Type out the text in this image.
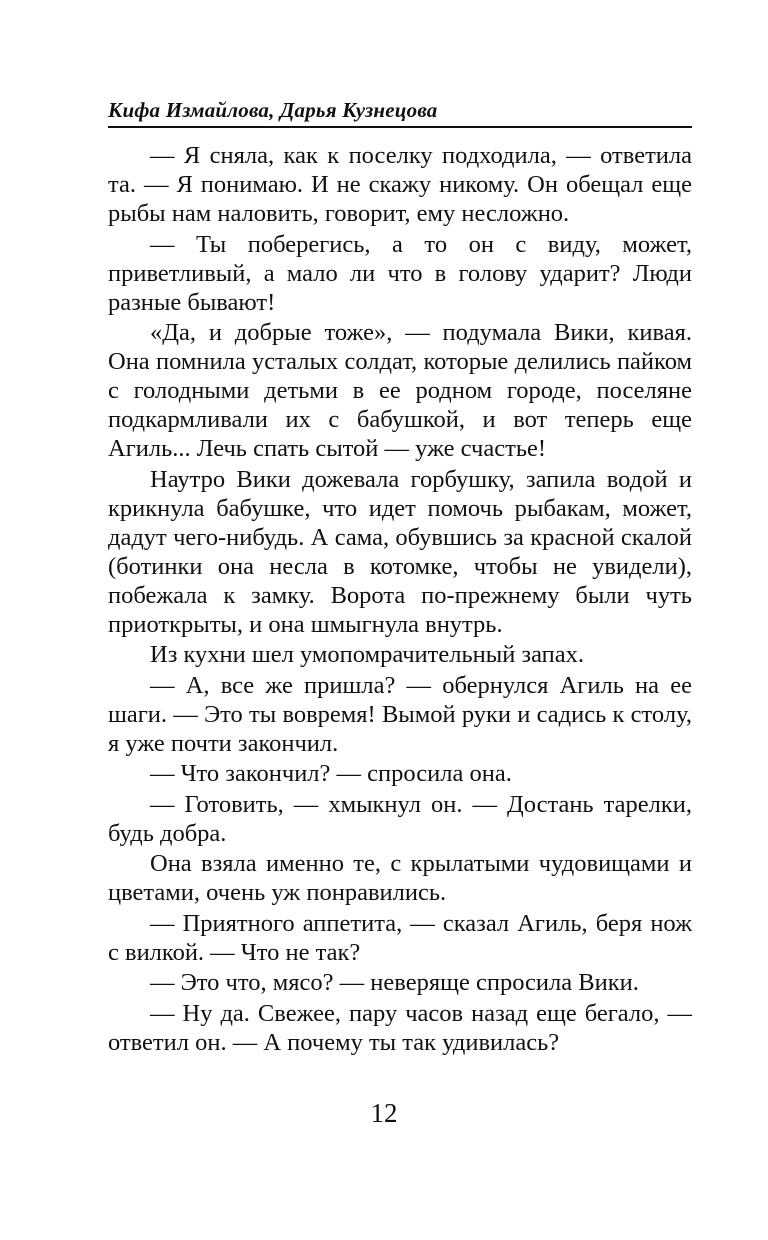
Кифа Измайлова, Дарья Кузнецова

— Я сняла, как к поселку подходила, — ответила та. — Я понимаю. И не скажу никому. Он обещал еще рыбы нам наловить, говорит, ему несложно.

— Ты поберегись, а то он с виду, может, приветливый, а мало ли что в голову ударит? Люди разные бывают!

«Да, и добрые тоже», — подумала Вики, кивая. Она помнила усталых солдат, которые делились пайком с голодными детьми в ее родном городе, поселяне подкармливали их с бабушкой, и вот теперь еще Агиль... Лечь спать сытой — уже счастье!

Наутро Вики дожевала горбушку, запила водой и крикнула бабушке, что идет помочь рыбакам, может, дадут чего-нибудь. А сама, обувшись за красной скалой (ботинки она несла в котомке, чтобы не увидели), побежала к замку. Ворота по-прежнему были чуть приоткрыты, и она шмыгнула внутрь.

Из кухни шел умопомрачительный запах.

— А, все же пришла? — обернулся Агиль на ее шаги. — Это ты вовремя! Вымой руки и садись к столу, я уже почти закончил.

— Что закончил? — спросила она.

— Готовить, — хмыкнул он. — Достань тарелки, будь добра.

Она взяла именно те, с крылатыми чудовищами и цветами, очень уж понравились.

— Приятного аппетита, — сказал Агиль, беря нож с вилкой. — Что не так?

— Это что, мясо? — неверяще спросила Вики.

— Ну да. Свежее, пару часов назад еще бегало, — ответил он. — А почему ты так удивилась?

12
